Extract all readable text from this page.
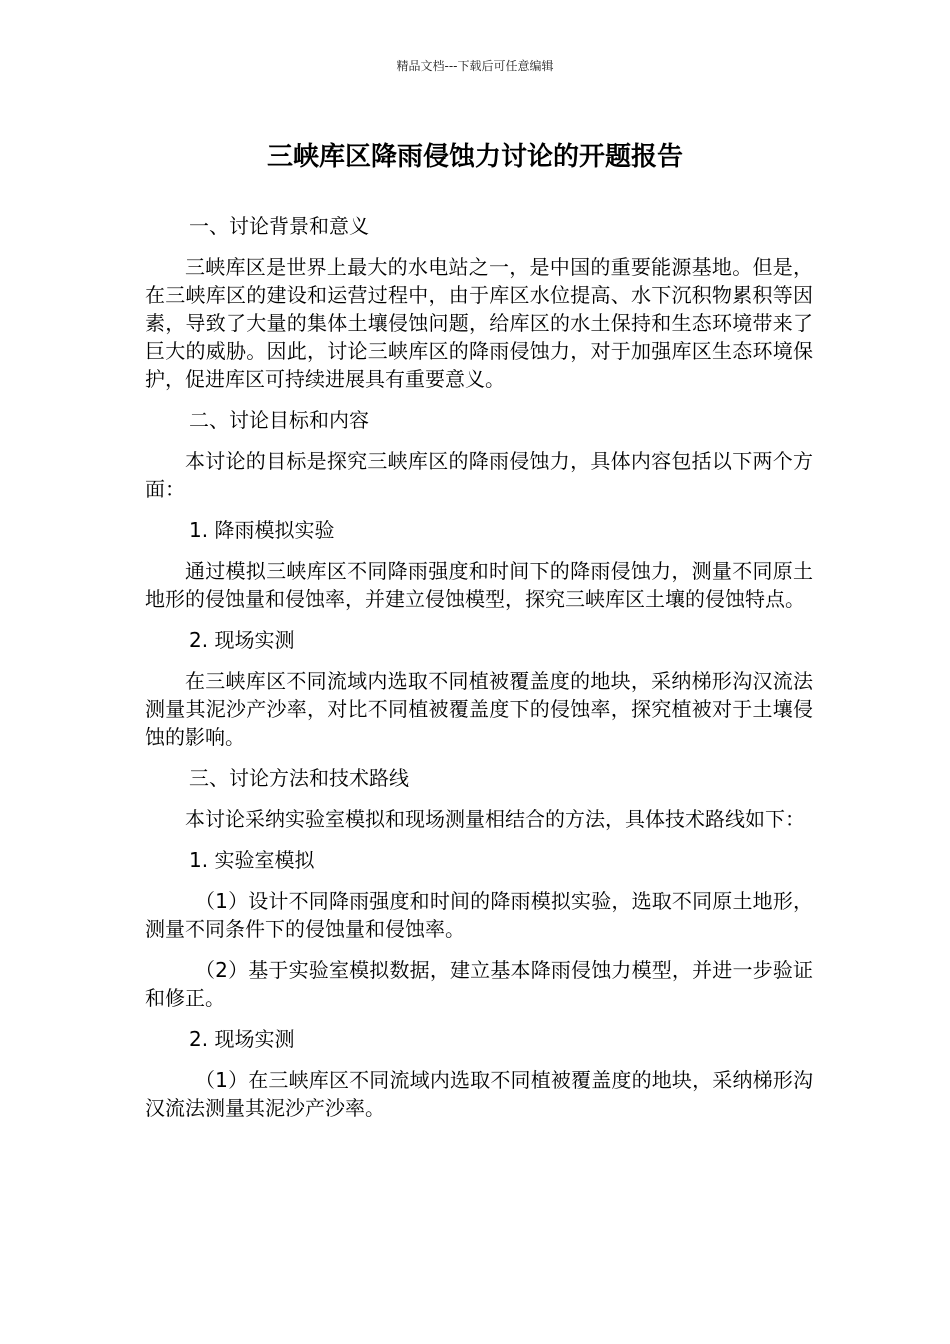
精品文档---下载后可任意编辑
三峡库区降雨侵蚀力讨论的开题报告

一、讨论背景和意义

三峡库区是世界上最大的水电站之一，是中国的重要能源基地。但是，在三峡库区的建设和运营过程中，由于库区水位提高、水下沉积物累积等因素，导致了大量的集体土壤侵蚀问题，给库区的水土保持和生态环境带来了巨大的威胁。因此，讨论三峡库区的降雨侵蚀力，对于加强库区生态环境保护，促进库区可持续进展具有重要意义。

二、讨论目标和内容

本讨论的目标是探究三峡库区的降雨侵蚀力，具体内容包括以下两个方面：

1. 降雨模拟实验

通过模拟三峡库区不同降雨强度和时间下的降雨侵蚀力，测量不同原土地形的侵蚀量和侵蚀率，并建立侵蚀模型，探究三峡库区土壤的侵蚀特点。

2. 现场实测

在三峡库区不同流域内选取不同植被覆盖度的地块，采纳梯形沟汉流法测量其泥沙产沙率，对比不同植被覆盖度下的侵蚀率，探究植被对于土壤侵蚀的影响。

三、讨论方法和技术路线

本讨论采纳实验室模拟和现场测量相结合的方法，具体技术路线如下：

1. 实验室模拟

（1）设计不同降雨强度和时间的降雨模拟实验，选取不同原土地形，测量不同条件下的侵蚀量和侵蚀率。

（2）基于实验室模拟数据，建立基本降雨侵蚀力模型，并进一步验证和修正。

2. 现场实测

（1）在三峡库区不同流域内选取不同植被覆盖度的地块，采纳梯形沟汉流法测量其泥沙产沙率。
